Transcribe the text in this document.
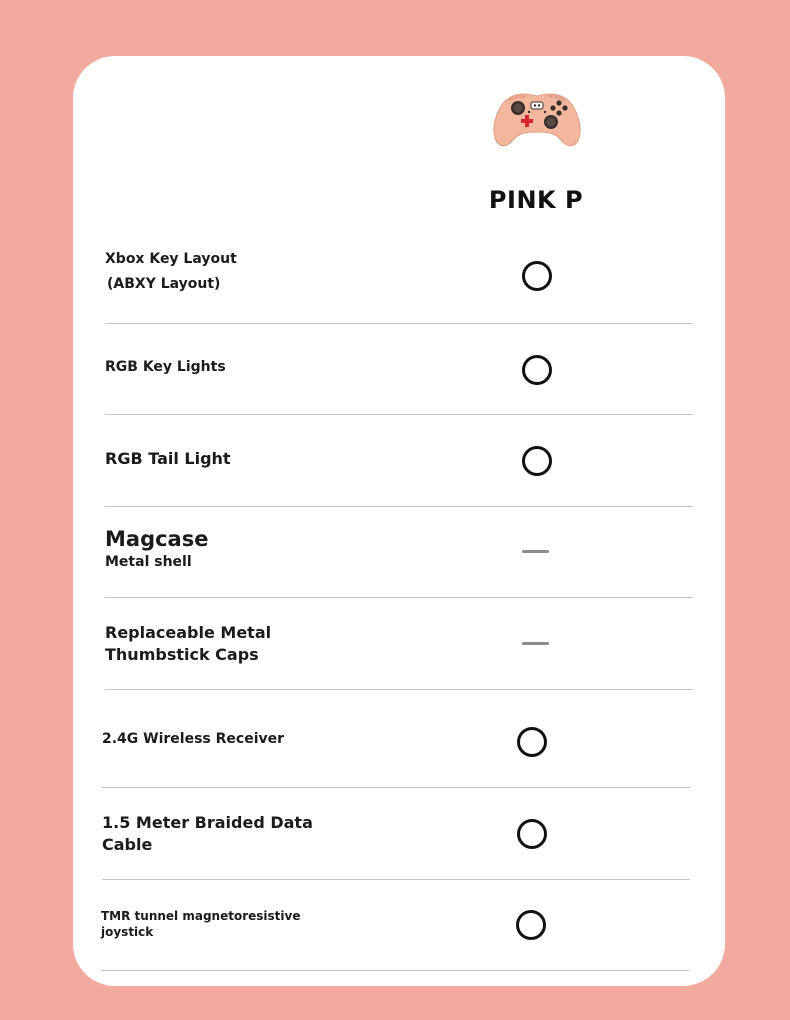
PINK P
Xbox Key Layout
(ABXY Layout)
RGB Key Lights
RGB Tail Light
Magcase
Metal shell
Replaceable Metal
Thumbstick Caps
2.4G Wireless Receiver
1.5 Meter Braided Data
Cable
TMR tunnel magnetoresistive
joystick
